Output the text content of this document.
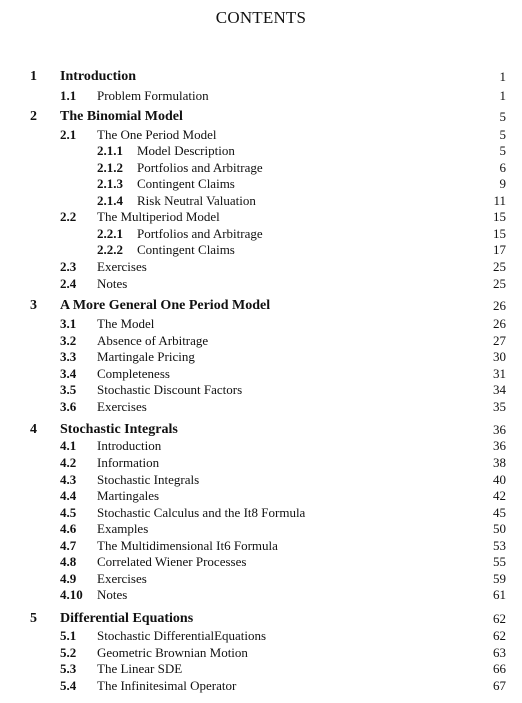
CONTENTS
1 Introduction	1
1.1 Problem Formulation	1
2 The Binomial Model	5
2.1 The One Period Model	5
2.1.1 Model Description	5
2.1.2 Portfolios and Arbitrage	6
2.1.3 Contingent Claims	9
2.1.4 Risk Neutral Valuation	11
2.2 The Multiperiod Model	15
2.2.1 Portfolios and Arbitrage	15
2.2.2 Contingent Claims	17
2.3 Exercises	25
2.4 Notes	25
3 A More General One Period Model	26
3.1 The Model	26
3.2 Absence of Arbitrage	27
3.3 Martingale Pricing	30
3.4 Completeness	31
3.5 Stochastic Discount Factors	34
3.6 Exercises	35
4 Stochastic Integrals	36
4.1 Introduction	36
4.2 Information	38
4.3 Stochastic Integrals	40
4.4 Martingales	42
4.5 Stochastic Calculus and the It8 Formula	45
4.6 Examples	50
4.7 The Multidimensional It6 Formula	53
4.8 Correlated Wiener Processes	55
4.9 Exercises	59
4.10 Notes	61
5 Differential Equations	62
5.1 Stochastic DifferentialEquations	62
5.2 Geometric Brownian Motion	63
5.3 The Linear SDE	66
5.4 The Infinitesimal Operator	67
